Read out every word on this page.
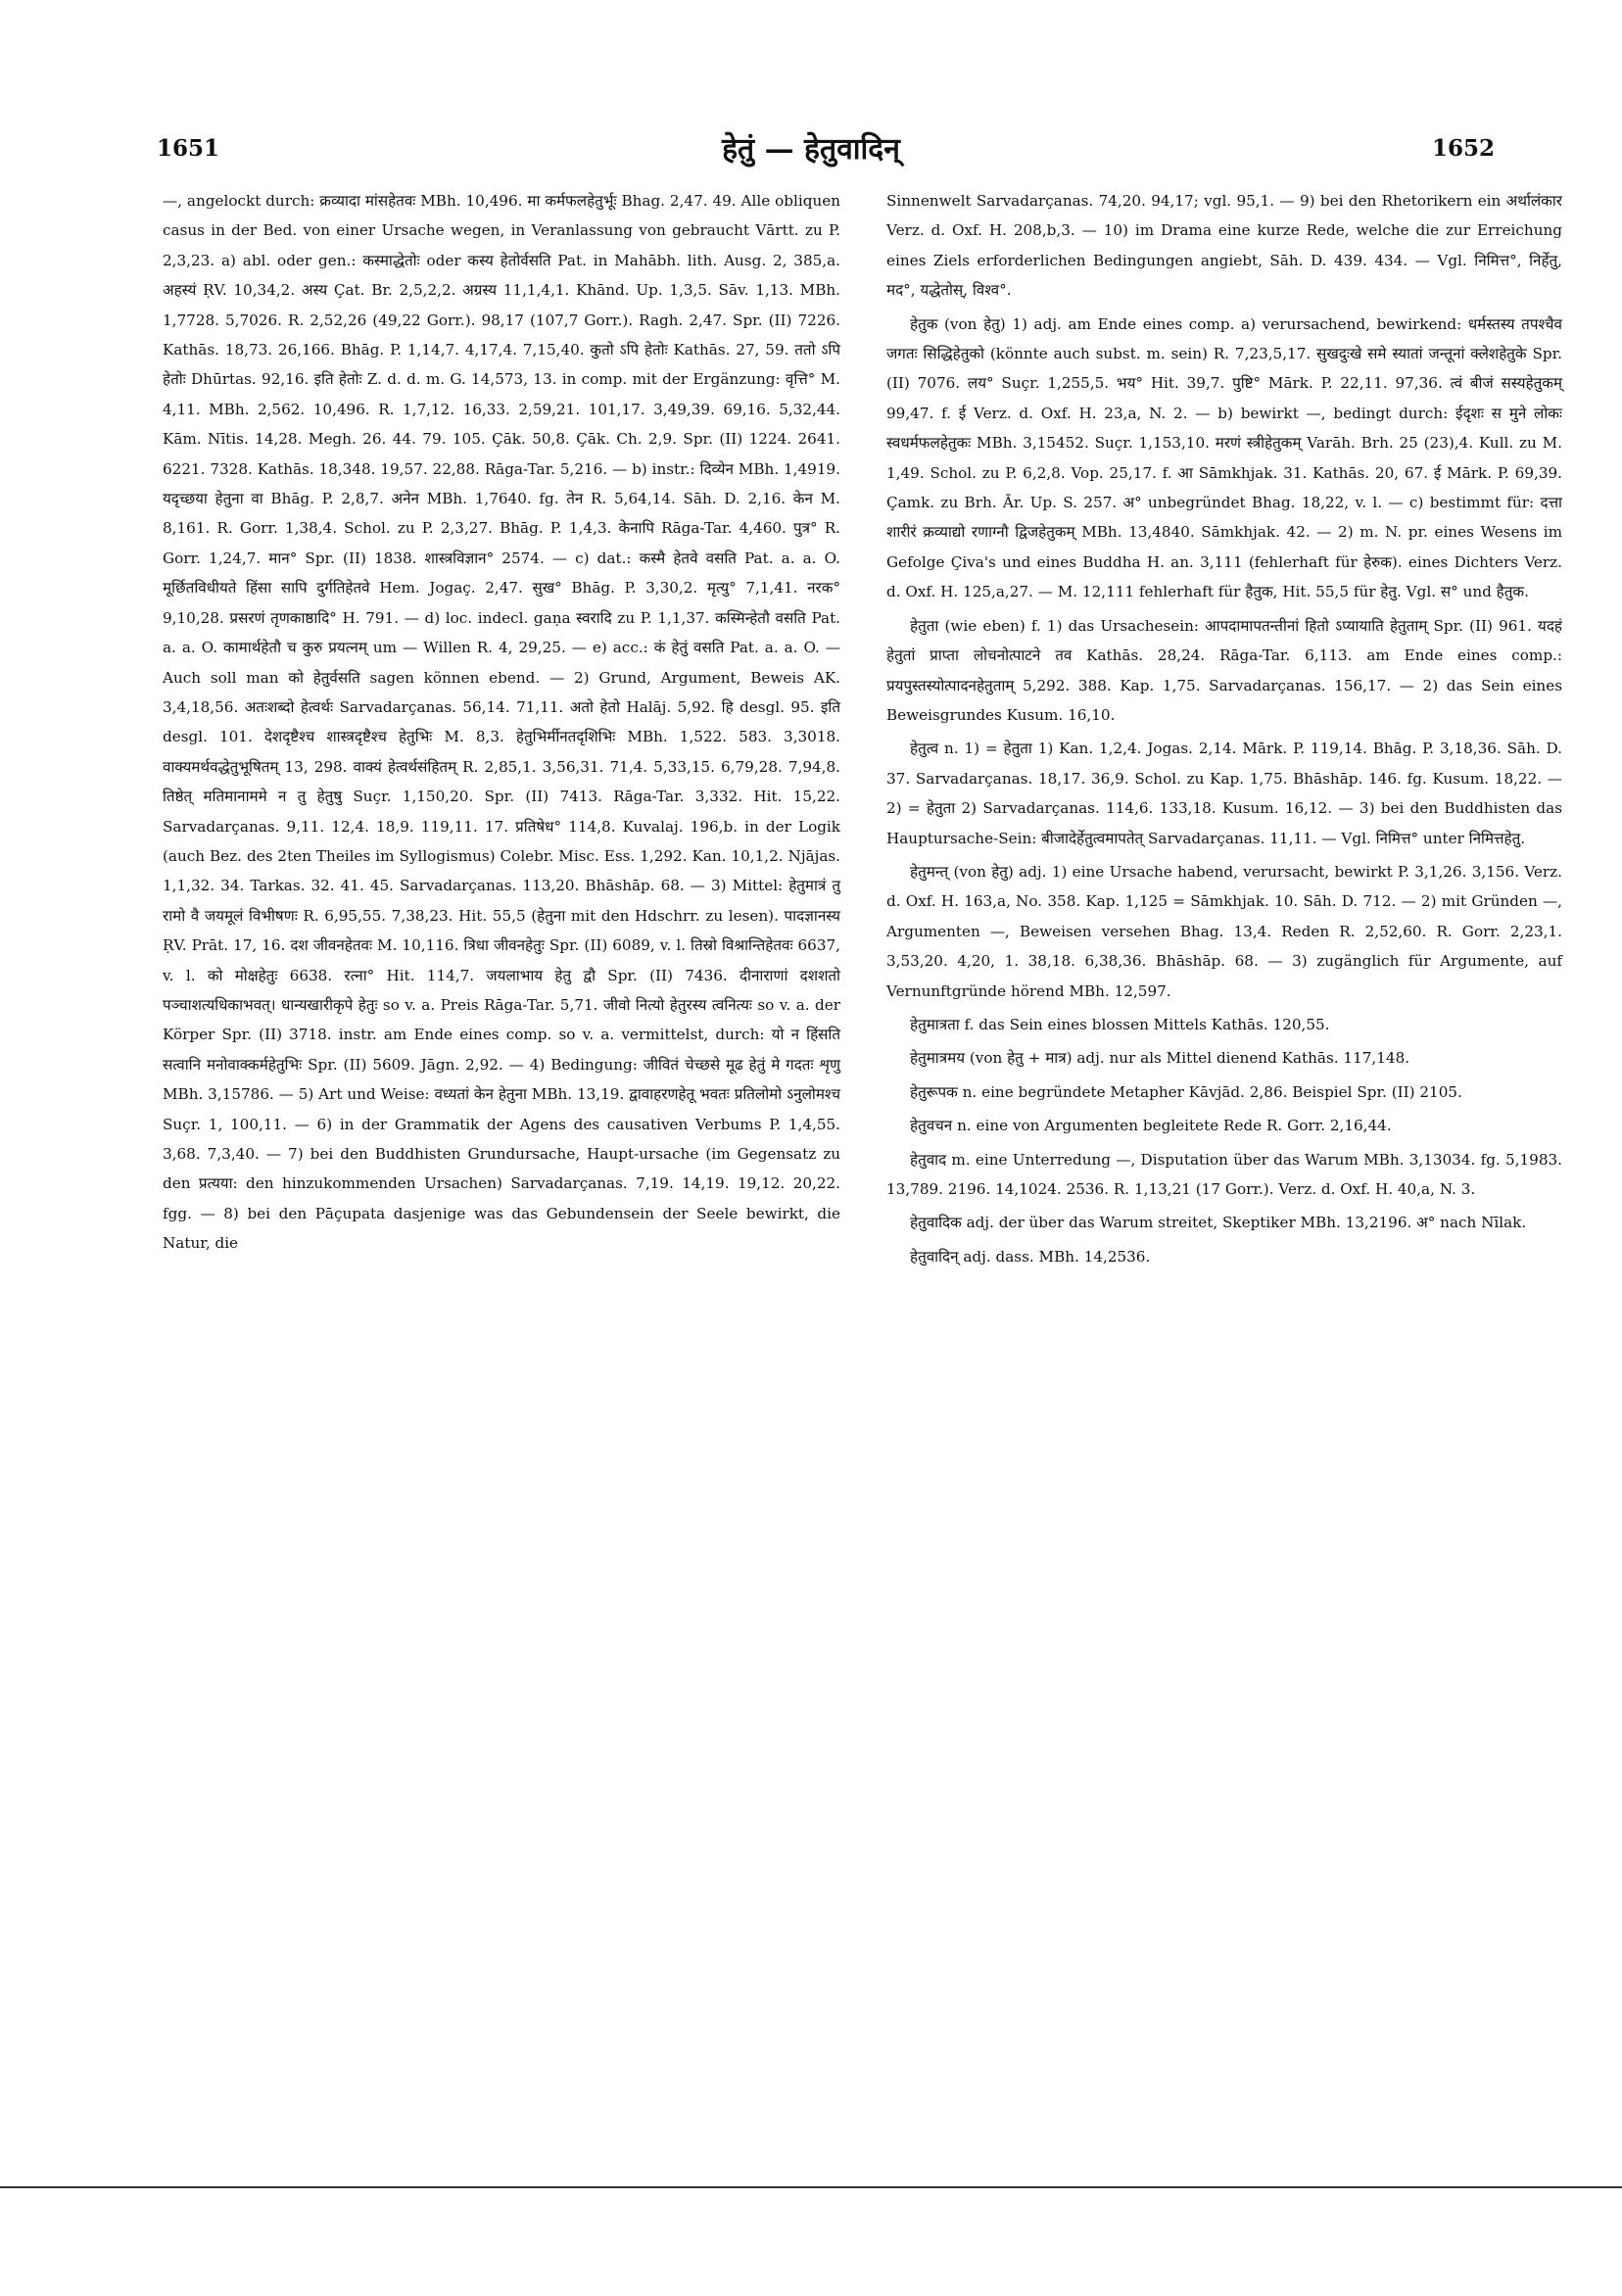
1651	हेतुं — हेतुवादिन्	1652

—, angelockt durch: क्रव्यादा मांसहेतवः MBh. 10,496. मा कर्मफलहेतुर्भूः Bhag. 2,47. 49. Alle obliquen casus in der Bed. von einer Ursache wegen, in Veranlassung von gebraucht Vārtt. zu P. 2,3,23. a) abl. oder gen.: कस्माद्धेतोः oder कस्य हेतोर्वसति Pat. in Mahābh. lith. Ausg. 2, 385,a. अहस्यं ṚV. 10,34,2. अस्य Çat. Br. 2,5,2,2. अग्रस्य 11,1,4,1. Khānd. Up. 1,3,5. Sāv. 1,13. MBh. 1,7728. 5,7026. R. 2,52,26 (49,22 Gorr.). 98,17 (107,7 Gorr.). Ragh. 2,47. Spr. (II) 7226. Kathās. 18,73. 26,166. Bhāg. P. 1,14,7. 4,17,4. 7,15,40. कुतो ऽपि हेतोः Kathās. 27, 59. ततो ऽपि हेतोः Dhūrtas. 92,16. इति हेतोः Z. d. d. m. G. 14,573, 13. in comp. mit der Ergänzung: वृत्ति° M. 4,11. MBh. 2,562. 10,496. R. 1,7,12. 16,33. 2,59,21. 101,17. 3,49,39. 69,16. 5,32,44. Kām. Nītis. 14,28. Megh. 26. 44. 79. 105. Çāk. 50,8. Çāk. Ch. 2,9. Spr. (II) 1224. 2641. 6221. 7328. Kathās. 18,348. 19,57. 22,88. Rāga-Tar. 5,216. — b) instr.: दिव्येन MBh. 1,4919. यदृच्छया हेतुना वा Bhāg. P. 2,8,7. अनेन MBh. 1,7640. fg. तेन R. 5,64,14. Sāh. D. 2,16. केन M. 8,161. R. Gorr. 1,38,4. Schol. zu P. 2,3,27. Bhāg. P. 1,4,3. केनापि Rāga-Tar. 4,460. पुत्र° R. Gorr. 1,24,7. मान° Spr. (II) 1838. शास्त्रविज्ञान° 2574. — c) dat.: कस्मै हेतवे वसति Pat. a. a. O. मूर्छितविधीयते हिंसा सापि दुर्गतिहेतवे Hem. Jogaç. 2,47. सुख° Bhāg. P. 3,30,2. मृत्यु° 7,1,41. नरक° 9,10,28. प्रसरणं तृणकाष्ठादि° H. 791. — d) loc. indecl. gaṇa स्वरादि zu P. 1,1,37. कस्मिन्हेतौ वसति Pat. a. a. O. कामार्थहेतौ च कुरु प्रयत्नम् um — Willen R. 4, 29,25. — e) acc.: कं हेतुं वसति Pat. a. a. O. — Auch soll man को हेतुर्वसति sagen können ebend. — 2) Grund, Argument, Beweis AK. 3,4,18,56. अतःशब्दो हेत्वर्थः Sarvadarçanas. 56,14. 71,11. अतो हेतो Halāj. 5,92. हि desgl. 95. इति desgl. 101. देशदृष्टैश्च शास्त्रदृष्टैश्च हेतुभिः M. 8,3. हेतुभिर्मीनतदृशिभिः MBh. 1,522. 583. 3,3018. वाक्यमर्थवद्धेतुभूषितम् 13, 298. वाक्यं हेत्वर्थसंहितम् R. 2,85,1. 3,56,31. 71,4. 5,33,15. 6,79,28. 7,94,8. तिष्ठेत् मतिमानाममे न तु हेतुषु Suçr. 1,150,20. Spr. (II) 7413. Rāga-Tar. 3,332. Hit. 15,22. Sarvadarçanas. 9,11. 12,4. 18,9. 119,11. 17. प्रतिषेध° 114,8. Kuvalaj. 196,b. in der Logik (auch Bez. des 2ten Theiles im Syllogismus) Colebr. Misc. Ess. 1,292. Kan. 10,1,2. Njājas. 1,1,32. 34. Tarkas. 32. 41. 45. Sarvadarçanas. 113,20. Bhāshāp. 68. — 3) Mittel: हेतुमात्रं तु रामो वै जयमूलं विभीषणः R. 6,95,55. 7,38,23. Hit. 55,5 (हेतुना mit den Hdschrr. zu lesen). पादज्ञानस्य ṚV. Prāt. 17, 16. दश जीवनहेतवः M. 10,116. त्रिधा जीवनहेतुः Spr. (II) 6089, v. l. तिस्रो विश्रान्तिहेतवः 6637, v. l. को मोक्षहेतुः 6638. रत्ना° Hit. 114,7. जयलाभाय हेतु द्वौ Spr. (II) 7436. दीनाराणां दशशतो पञ्चाशत्यधिकाभवत्। धान्यखारीकृपे हेतुः so v. a. Preis Rāga-Tar. 5,71. जीवो नित्यो हेतुरस्य त्वनित्यः so v. a. der Körper Spr. (II) 3718. instr. am Ende eines comp. so v. a. vermittelst, durch: यो न हिंसति सत्वानि मनोवाक्कर्महेतुभिः Spr. (II) 5609. Jāgn. 2,92. — 4) Bedingung: जीवितं चेच्छसे मूढ हेतुं मे गदतः शृणु MBh. 3,15786. — 5) Art und Weise: वध्यतां केन हेतुना MBh. 13,19. द्वावाहरणहेतू भवतः प्रतिलोमो ऽनुलोमश्च Suçr. 1, 100,11. — 6) in der Grammatik der Agens des causativen Verbums P. 1,4,55. 3,68. 7,3,40. — 7) bei den Buddhisten Grundursache, Haupt-ursache (im Gegensatz zu den प्रत्यया: den hinzukommenden Ursachen) Sarvadarçanas. 7,19. 14,19. 19,12. 20,22. fgg. — 8) bei den Pāçupata dasjenige was das Gebundensein der Seele bewirkt, die Natur, die

Sinnenwelt Sarvadarçanas. 74,20. 94,17; vgl. 95,1. — 9) bei den Rhetorikern ein अर्थालंकार Verz. d. Oxf. H. 208,b,3. — 10) im Drama eine kurze Rede, welche die zur Erreichung eines Ziels erforderlichen Bedingungen angiebt, Sāh. D. 439. 434. — Vgl. निमित्त°, निर्हेतु, मद°, यद्धेतोस्, विश्व°.

हेतुक (von हेतु) 1) adj. am Ende eines comp. a) verursachend, bewirkend: धर्मस्तस्य तपश्चैव जगतः सिद्धिहेतुको (könnte auch subst. m. sein) R. 7,23,5,17. सुखदुःखे समे स्यातां जन्तूनां क्लेशहेतुके Spr. (II) 7076. लय° Suçr. 1,255,5. भय° Hit. 39,7. पुष्टि° Mārk. P. 22,11. 97,36. त्वं बीजं सस्यहेतुकम् 99,47. f. ई Verz. d. Oxf. H. 23,a, N. 2. — b) bewirkt —, bedingt durch: ईदृशः स मुने लोकः स्वधर्मफलहेतुकः MBh. 3,15452. Suçr. 1,153,10. मरणं स्त्रीहेतुकम् Varāh. Brh. 25 (23),4. Kull. zu M. 1,49. Schol. zu P. 6,2,8. Vop. 25,17. f. आ Sāmkhjak. 31. Kathās. 20, 67. ई Mārk. P. 69,39. Çamk. zu Brh. Ār. Up. S. 257. अ° unbegründet Bhag. 18,22, v. l. — c) bestimmt für: दत्ता शारीरं क्रव्याद्यो रणाग्नौ द्विजहेतुकम् MBh. 13,4840. Sāmkhjak. 42. — 2) m. N. pr. eines Wesens im Gefolge Çiva's und eines Buddha H. an. 3,111 (fehlerhaft für हेरुक). eines Dichters Verz. d. Oxf. H. 125,a,27. — M. 12,111 fehlerhaft für हैतुक, Hit. 55,5 für हेतु. Vgl. स° und हैतुक.

हेतुता (wie eben) f. 1) das Ursachesein: आपदामापतन्तीनां हितो ऽप्यायाति हेतुताम् Spr. (II) 961. यदहं हेतुतां प्राप्ता लोचनोत्पाटने तव Kathās. 28,24. Rāga-Tar. 6,113. am Ende eines comp.: प्रयपुस्तस्योत्पादनहेतुताम् 5,292. 388. Kap. 1,75. Sarvadarçanas. 156,17. — 2) das Sein eines Beweisgrundes Kusum. 16,10.

हेतुत्व n. 1) = हेतुता 1) Kan. 1,2,4. Jogas. 2,14. Mārk. P. 119,14. Bhāg. P. 3,18,36. Sāh. D. 37. Sarvadarçanas. 18,17. 36,9. Schol. zu Kap. 1,75. Bhāshāp. 146. fg. Kusum. 18,22. — 2) = हेतुता 2) Sarvadarçanas. 114,6. 133,18. Kusum. 16,12. — 3) bei den Buddhisten das Hauptursache-Sein: बीजादेर्हेतुत्वमापतेत् Sarvadarçanas. 11,11. — Vgl. निमित्त° unter निमित्तहेतु.

हेतुमन्त् (von हेतु) adj. 1) eine Ursache habend, verursacht, bewirkt P. 3,1,26. 3,156. Verz. d. Oxf. H. 163,a, No. 358. Kap. 1,125 = Sāmkhjak. 10. Sāh. D. 712. — 2) mit Gründen —, Argumenten —, Beweisen versehen Bhag. 13,4. Reden R. 2,52,60. R. Gorr. 2,23,1. 3,53,20. 4,20, 1. 38,18. 6,38,36. Bhāshāp. 68. — 3) zugänglich für Argumente, auf Vernunftgründe hörend MBh. 12,597.

हेतुमात्रता f. das Sein eines blossen Mittels Kathās. 120,55.

हेतुमात्रमय (von हेतु + मात्र) adj. nur als Mittel dienend Kathās. 117,148.

हेतुरूपक n. eine begründete Metapher Kāvjād. 2,86. Beispiel Spr. (II) 2105.

हेतुवचन n. eine von Argumenten begleitete Rede R. Gorr. 2,16,44.

हेतुवाद m. eine Unterredung —, Disputation über das Warum MBh. 3,13034. fg. 5,1983. 13,789. 2196. 14,1024. 2536. R. 1,13,21 (17 Gorr.). Verz. d. Oxf. H. 40,a, N. 3.

हेतुवादिक adj. der über das Warum streitet, Skeptiker MBh. 13,2196. अ° nach Nīlak.

हेतुवादिन् adj. dass. MBh. 14,2536.
